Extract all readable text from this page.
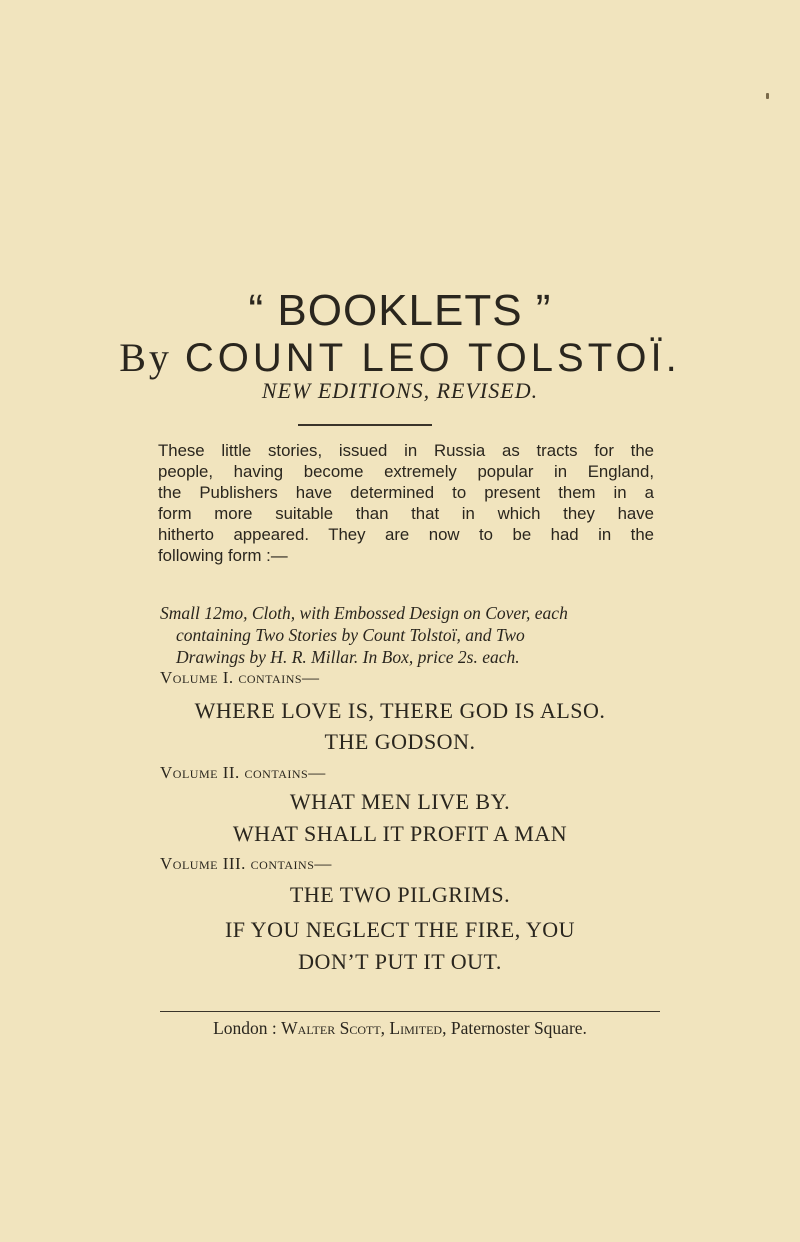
“ BOOKLETS ”
By COUNT LEO TOLSTOÏ.
NEW EDITIONS, REVISED.
These little stories, issued in Russia as tracts for the
people, having become extremely popular in England,
the Publishers have determined to present them in a
form more suitable than that in which they have
hitherto appeared. They are now to be had in the
following form :—
Small 12mo, Cloth, with Embossed Design on Cover, each
containing Two Stories by Count Tolstoï, and Two
Drawings by H. R. Millar. In Box, price 2s. each.
Volume I. contains—
WHERE LOVE IS, THERE GOD IS ALSO.
THE GODSON.
Volume II. contains—
WHAT MEN LIVE BY.
WHAT SHALL IT PROFIT A MAN
Volume III. contains—
THE TWO PILGRIMS.
IF YOU NEGLECT THE FIRE, YOU
DON’T PUT IT OUT.
London : Walter Scott, Limited, Paternoster Square.
